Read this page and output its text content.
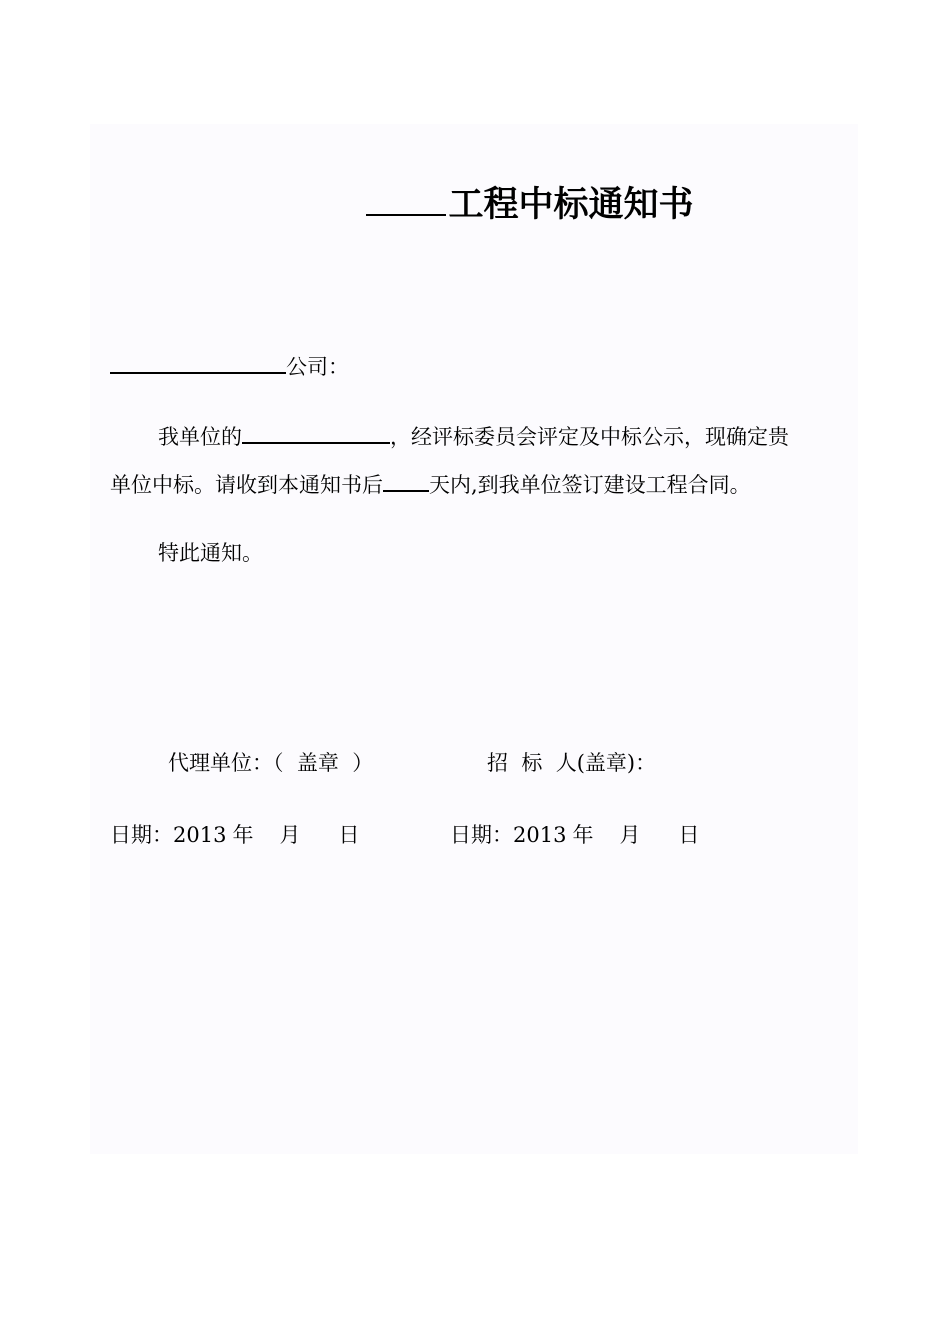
工程中标通知书
公司：
我单位的	，经评标委员会评定及中标公示，现确定贵
单位中标。请收到本通知书后 天内,到我单位签订建设工程合同。
特此通知。
代理单位：（  盖章  ）	招  标  人(盖章)：
日期：2013 年 月 日	日期：2013 年 月 日
